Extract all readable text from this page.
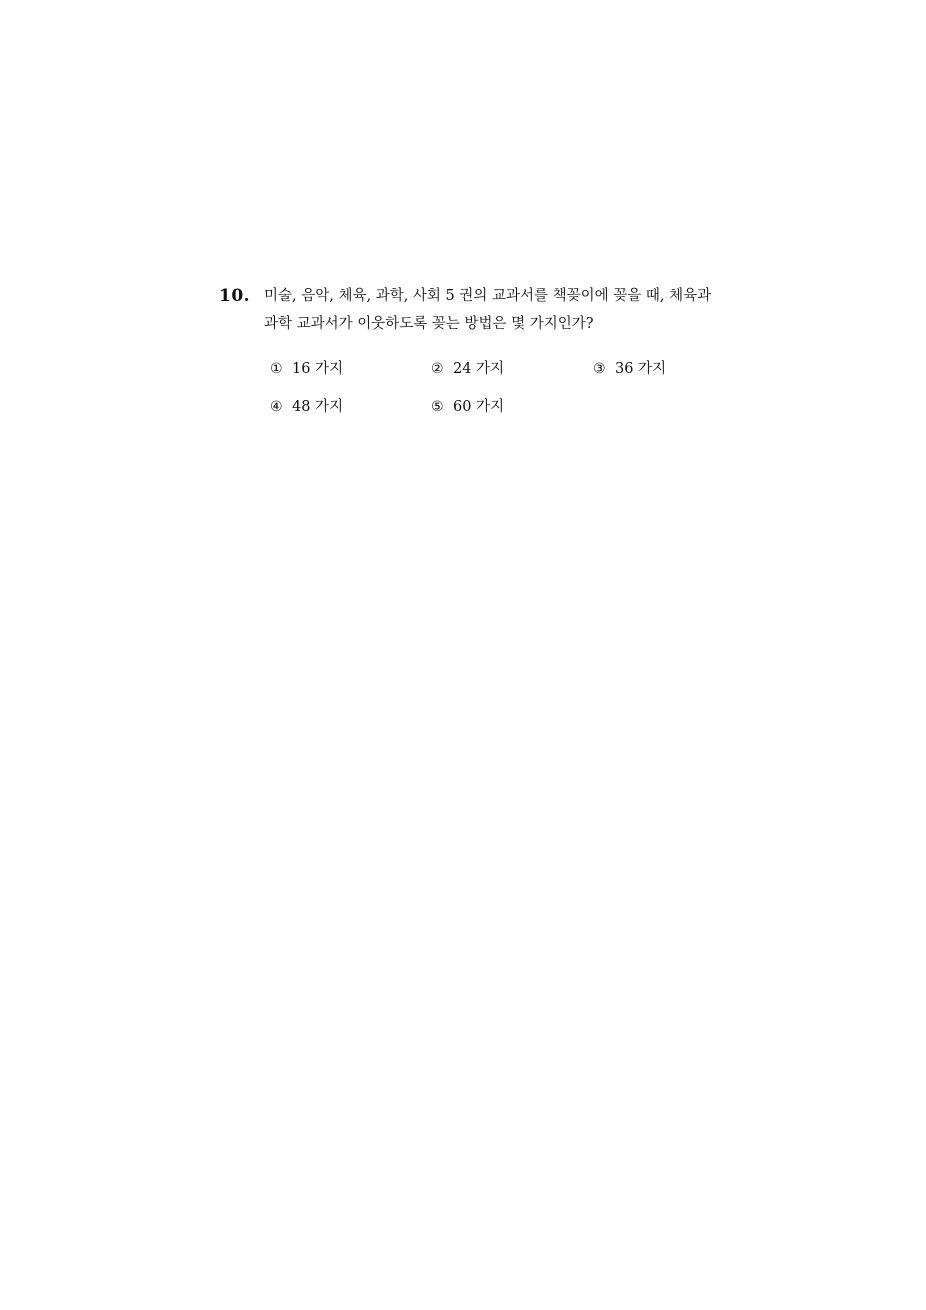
10. 미술, 음악, 체육, 과학, 사회 5 권의 교과서를 책꽂이에 꽂을 때, 체육과
과학 교과서가 이웃하도록 꽂는 방법은 몇 가지인가?
① 16 가지	② 24 가지	③ 36 가지
④ 48 가지	⑤ 60 가지
